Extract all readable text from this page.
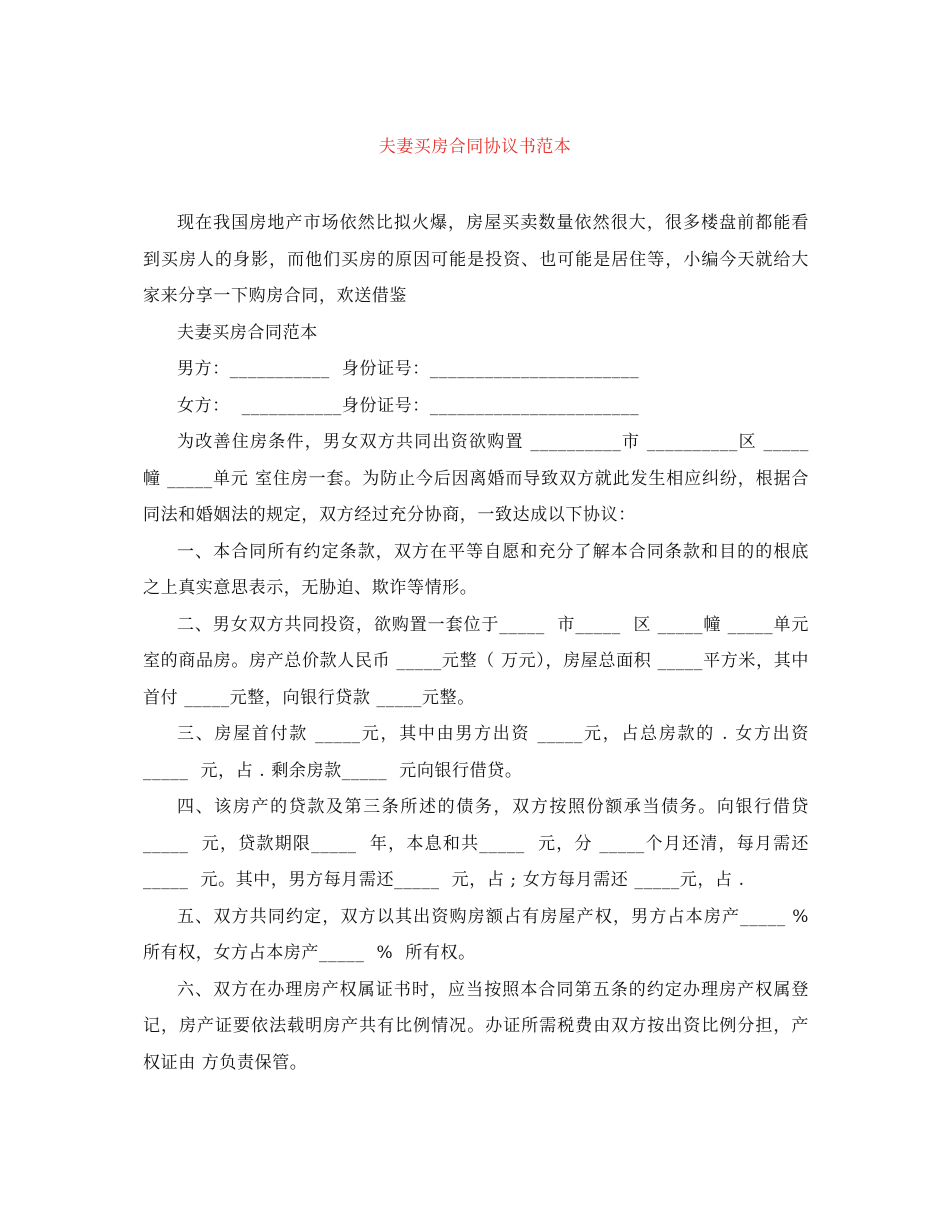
夫妻买房合同协议书范本

现在我国房地产市场依然比拟火爆，房屋买卖数量依然很大，很多楼盘前都能看到买房人的身影，而他们买房的原因可能是投资、也可能是居住等，小编今天就给大家来分享一下购房合同，欢送借鉴

夫妻买房合同范本

男方：___________  身份证号：_______________________

女方：  ___________身份证号：_______________________

为改善住房条件，男女双方共同出资欲购置 __________市 __________区 _____幢 _____单元 室住房一套。为防止今后因离婚而导致双方就此发生相应纠纷，根据合同法和婚姻法的规定，双方经过充分协商，一致达成以下协议：

一、本合同所有约定条款，双方在平等自愿和充分了解本合同条款和目的的根底之上真实意思表示，无胁迫、欺诈等情形。

二、男女双方共同投资，欲购置一套位于_____  市_____  区 _____幢 _____单元 室的商品房。房产总价款人民币 _____元整（ 万元），房屋总面积 _____平方米，其中首付 _____元整，向银行贷款 _____元整。

三、房屋首付款 _____元，其中由男方出资 _____元，占总房款的 . 女方出资 _____  元，占 . 剩余房款_____  元向银行借贷。

四、该房产的贷款及第三条所述的债务，双方按照份额承当债务。向银行借贷_____  元，贷款期限_____  年，本息和共_____  元，分 _____个月还清，每月需还_____  元。其中，男方每月需还_____  元，占 ; 女方每月需还 _____元，占 .

五、双方共同约定，双方以其出资购房额占有房屋产权，男方占本房产_____ % 所有权，女方占本房产_____  %  所有权。

六、双方在办理房产权属证书时，应当按照本合同第五条的约定办理房产权属登记，房产证要依法载明房产共有比例情况。办证所需税费由双方按出资比例分担，产权证由 方负责保管。
